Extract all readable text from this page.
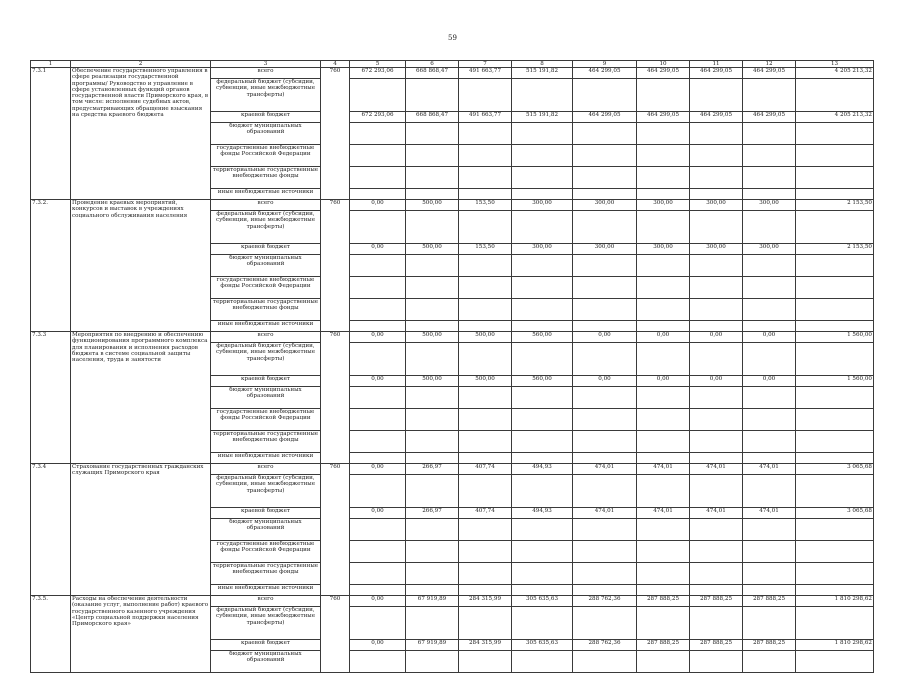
59
1	2	3	4	5	6	7	8	9	10	11	12	13
7.3.1	Обеспечение государственного управления в сфере реализации государственной программы/ Руководство и управление в сфере установленных функций органов государственной власти Приморского края, в том числе: исполнение судебных актов, предусматривающих обращение взыскания на средства краевого бюджета	всего	760	672 293,06	668 868,47	491 663,77	515 191,82	464 299,05	464 299,05	464 299,05	464 299,05	4 205 213,32
		федеральный бюджет (субсидии, субвенции, иные межбюджетные трансферты)										
		краевой бюджет		672 293,06	668 868,47	491 663,77	515 191,82	464 299,05	464 299,05	464 299,05	464 299,05	4 205 213,32
		бюджет муниципальных образований										
		государственные внебюджетные фонды Российской Федерации										
		территориальные государственные внебюджетные фонды										
		иные внебюджетные источники										
7.3.2.	Проведение краевых мероприятий, конкурсов и выставок в учреждениях социального обслуживания населения	всего	760	0,00	500,00	153,50	300,00	300,00	300,00	300,00	300,00	2 153,50
		федеральный бюджет (субсидии, субвенции, иные межбюджетные трансферты)										
		краевой бюджет		0,00	500,00	153,50	300,00	300,00	300,00	300,00	300,00	2 153,50
		бюджет муниципальных образований										
		государственные внебюджетные фонды Российской Федерации										
		территориальные государственные внебюджетные фонды										
		иные внебюджетные источники										
7.3.3	Мероприятия по внедрению и обеспечению функционирования программного комплекса для планирования и исполнения расходов бюджета в системе социальной защиты населения, труда и занятости	всего	760	0,00	500,00	500,00	560,00	0,00	0,00	0,00	0,00	1 560,00
		федеральный бюджет (субсидии, субвенции, иные межбюджетные трансферты)										
		краевой бюджет		0,00	500,00	500,00	560,00	0,00	0,00	0,00	0,00	1 560,00
		бюджет муниципальных образований										
		государственные внебюджетные фонды Российской Федерации										
		территориальные государственные внебюджетные фонды										
		иные внебюджетные источники										
7.3.4	Страхование государственных гражданских служащих Приморского края	всего	760	0,00	266,97	407,74	494,93	474,01	474,01	474,01	474,01	3 065,68
		федеральный бюджет (субсидии, субвенции, иные межбюджетные трансферты)										
		краевой бюджет		0,00	266,97	407,74	494,93	474,01	474,01	474,01	474,01	3 065,68
		бюджет муниципальных образований										
		государственные внебюджетные фонды Российской Федерации										
		территориальные государственные внебюджетные фонды										
		иные внебюджетные источники										
7.3.5.	Расходы на обеспечение деятельности (оказание услуг, выполнение работ) краевого государственного казенного учреждения «Центр социальной поддержки населения Приморского края»	всего	760	0,00	67 919,89	284 315,99	305 635,63	288 762,36	287 888,25	287 888,25	287 888,25	1 810 298,62
		федеральный бюджет (субсидии, субвенции, иные межбюджетные трансферты)										
		краевой бюджет		0,00	67 919,89	284 315,99	305 635,63	288 762,36	287 888,25	287 888,25	287 888,25	1 810 298,62
		бюджет муниципальных образований										
